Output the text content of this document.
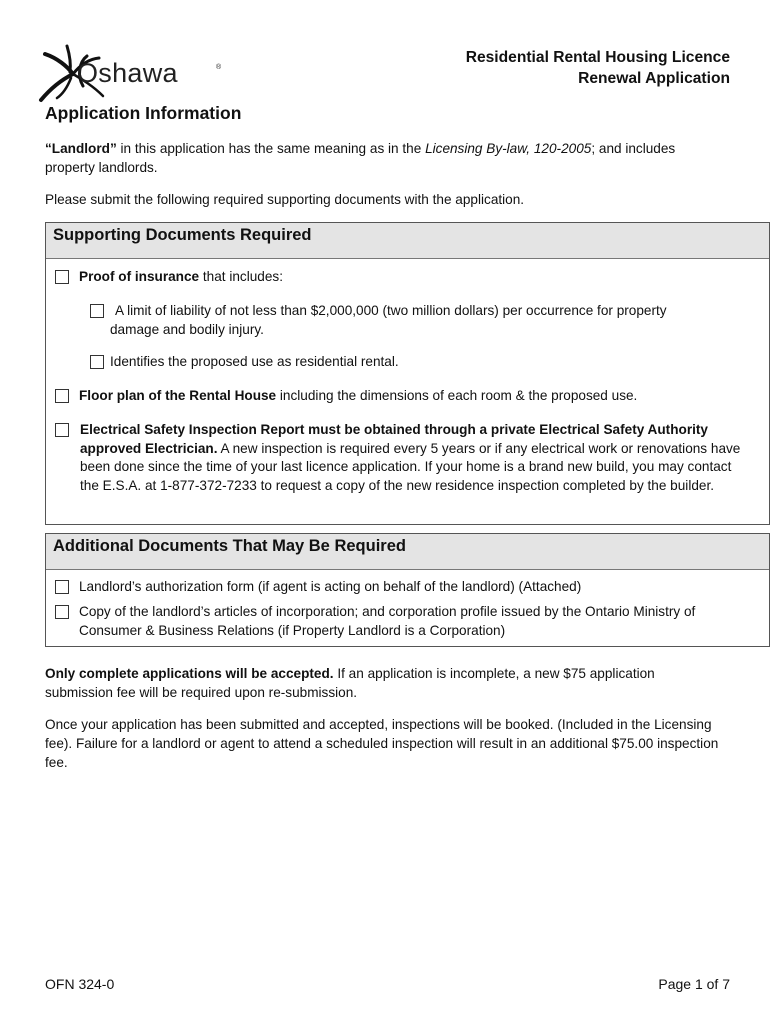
Oshawa	®
Residential Rental Housing Licence
Renewal Application
Application Information
“Landlord” in this application has the same meaning as in the Licensing By-law, 120-2005; and includes property landlords.
Please submit the following required supporting documents with the application.
Supporting Documents Required
Proof of insurance that includes:
A limit of liability of not less than $2,000,000 (two million dollars) per occurrence for property damage and bodily injury.
Identifies the proposed use as residential rental.
Floor plan of the Rental House including the dimensions of each room & the proposed use.
Electrical Safety Inspection Report must be obtained through a private Electrical Safety Authority approved Electrician. A new inspection is required every 5 years or if any electrical work or renovations have been done since the time of your last licence application. If your home is a brand new build, you may contact the E.S.A. at 1-877-372-7233 to request a copy of the new residence inspection completed by the builder.
Additional Documents That May Be Required
Landlord’s authorization form (if agent is acting on behalf of the landlord) (Attached)
Copy of the landlord’s articles of incorporation; and corporation profile issued by the Ontario Ministry of Consumer & Business Relations (if Property Landlord is a Corporation)
Only complete applications will be accepted. If an application is incomplete, a new $75 application submission fee will be required upon re-submission.
Once your application has been submitted and accepted, inspections will be booked. (Included in the Licensing fee). Failure for a landlord or agent to attend a scheduled inspection will result in an additional $75.00 inspection fee.
OFN 324-0	Page 1 of 7
